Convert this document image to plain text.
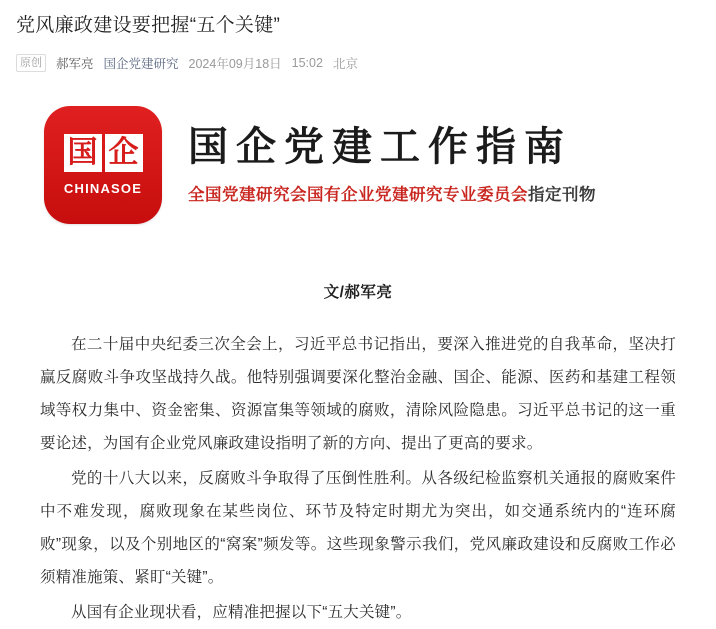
党风廉政建设要把握“五个关键”
原创	郝军亮 国企党建研究 2024年09月18日 15:02 北京
国 企
CHINASOE
国企党建工作指南
全国党建研究会国有企业党建研究专业委员会指定刊物
文/郝军亮

在二十届中央纪委三次全会上，习近平总书记指出，要深入推进党的自我革命，坚决打赢反腐败斗争攻坚战持久战。他特别强调要深化整治金融、国企、能源、医药和基建工程领域等权力集中、资金密集、资源富集等领域的腐败，清除风险隐患。习近平总书记的这一重要论述，为国有企业党风廉政建设指明了新的方向、提出了更高的要求。

党的十八大以来，反腐败斗争取得了压倒性胜利。从各级纪检监察机关通报的腐败案件中不难发现，腐败现象在某些岗位、环节及特定时期尤为突出，如交通系统内的“连环腐败”现象，以及个别地区的“窝案”频发等。这些现象警示我们，党风廉政建设和反腐败工作必须精准施策、紧盯“关键”。

从国有企业现状看，应精准把握以下“五大关键”。
